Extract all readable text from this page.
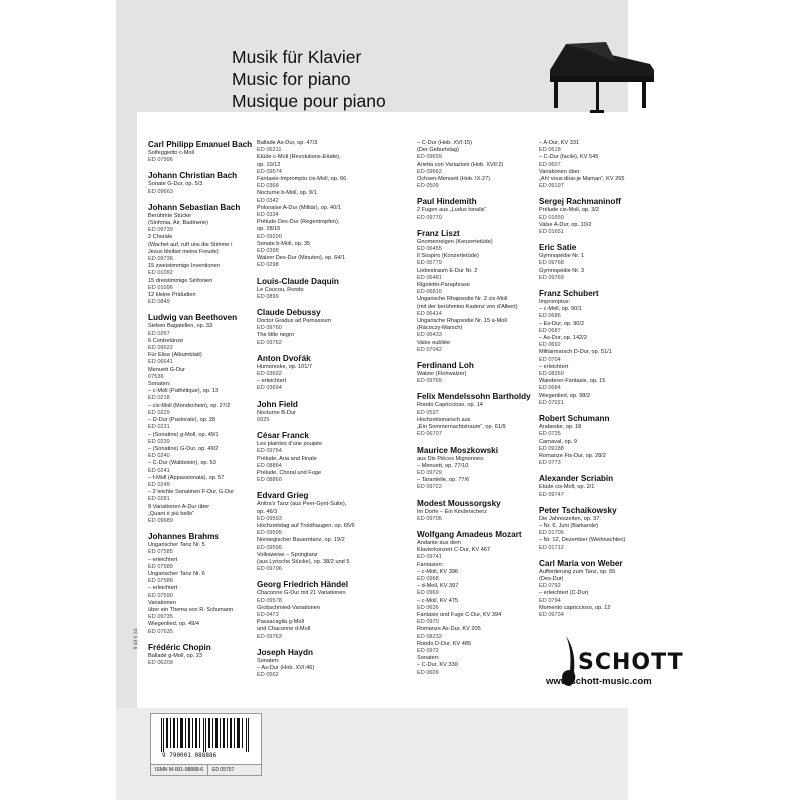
Musik für Klavier
Music for piano
Musique pour piano
9 48 6 34
Carl Philipp Emanuel Bach
Solfeggietto c-Moll
ED 07996
Johann Christian Bach
Sonate G-Dur, op. 5/3
ED 09663
Johann Sebastian Bach
Berühmte Stücke
(Sinfonia, Air, Badinerie)
ED 09739
2 Choräle
(Wachet auf, ruft uns die Stimme /
Jesus bleibet meine Freude)
ED 09736
15 zweistimmige Inventionen
ED 01092
15 dreistimmige Sinfonien
ED 01096
12 kleine Präludien
ED 0849
Ludwig van Beethoven
Sieben Bagatellen, op. 33
ED 0267
6 Contretänze
ED 09622
Für Elise (Albumblatt)
ED 06641
Menuett G-Dur
07536
Sonaten:
– c-Moll (Pathétique), op. 13
ED 0218
– cis-Moll (Mondschein), op. 27/2
ED 0229
– D-Dur (Pastorale), op. 28
ED 0231
– (Sonatine) g-Moll, op. 49/1
ED 0239
– (Sonatine) G-Dur, op. 49/2
ED 0240
– C-Dur (Waldstein), op. 53
ED 0241
– f-Moll (Appassionata), op. 57
ED 0245
– 2 leichte Sonatinen F-Dur, G-Dur
ED 0281
9 Variationen A-Dur über
„Quant è più bello“
ED 09689
Johannes Brahms
Ungarischer Tanz Nr. 5
ED 07585
– erleichtert
ED 07589
Ungarischer Tanz Nr. 6
ED 07586
– erleichtert
ED 07590
Variationen
über ein Thema von R. Schumann
ED 09735
Wiegenlied, op. 49/4
ED 07635
Frédéric Chopin
Ballade g-Moll, op. 23
ED 06209
Ballade As-Dur, op. 47/3
ED 06211
Etüde c-Moll (Revolutions-Etüde),
op. 10/12
ED 09574
Fantasie-Impromptu cis-Moll, op. 66
ED 0368
Nocturne b-Moll, op. 9/1
ED 0342
Polonaise A-Dur (Militär), op. 40/1
ED 0334
Prélude Des-Dur (Regentropfen),
op. 28/15
ED 09200
Sonate b-Moll, op. 35
ED 0398
Walzer Des-Dur (Minuten), op. 64/1
ED 0298
Louis-Claude Daquin
Le Coucou, Rondo
ED 0899
Claude Debussy
Doctor Gradus ad Parnassum
ED 09760
The little negro
ED 09762
Anton Dvořák
Humoreske, op. 101/7
ED 03692
– erleichtert
ED 03694
John Field
Nocturne B-Dur
0925
César Franck
Les plaintes d'une poupée
ED 09764
Prélude, Aria and Finale
ED 08864
Prélude, Choral und Fuge
ED 08860
Edvard Grieg
Anitra's Tanz (aus Peer-Gynt-Suite),
op. 46/3
ED 09593
Hochzeitstag auf Troldhaugen, op. 65/6
ED 09595
Norwegischer Bauerntanz, op. 19/2
ED 09596
Volksweise – Springtanz
(aus Lyrische Stücke), op. 38/2 und 5
ED 09706
Georg Friedrich Händel
Chaconne G-Dur mit 21 Variationen
ED 09578
Grobschmied-Variationen
ED 0473
Passacaglia g-Moll
und Chaconne d-Moll
ED 09763
Joseph Haydn
Sonaten:
– As-Dur (Hob. XVI:46)
ED 0502
– C-Dur (Hob. XVI:15)
(Der Geburtstag)
ED 09659
Arietta con Variazioni (Hob. XVII:2)
ED 09662
Ochsen-Menuett (Hob. IX:27)
ED 0509
Paul Hindemith
2 Fugen aus „Ludus tonalis“
ED 09770
Franz Liszt
Gnomenreigen (Konzertetüde)
ED 06455
Il Sospiro (Konzertetüde)
ED 06779
Liebestraum E-Dur Nr. 2
ED 06481
Rigoletto-Paraphrase
ED 06810
Ungarische Rhapsodie Nr. 2 cis-Moll
(mit der berühmten Kadenz von d'Albert)
ED 06414
Ungarische Rhapsodie Nr. 15 a-Moll
(Rácoczy-Marsch)
ED 06433
Valse oubliée
ED 07042
Ferdinand Loh
Walzer (Flohwalzer)
ED 09765
Felix Mendelssohn Bartholdy
Rondo Capriccioso, op. 14
ED 0537
Hochzeitsmarsch aus
„Ein Sommernachtstraum“, op. 61/9
ED 06707
Maurice Moszkowski
aus Dix Pièces Mignonnes:
– Menuett, op. 77/10
ED 09729
– Tarantelle, op. 77/6
ED 09722
Modest Moussorgsky
Im Dorfe – Ein Kinderscherz
ED 09705
Wolfgang Amadeus Mozart
Andante aus dem
Klavierkonzert C-Dur, KV 467
ED 09741
Fantasien:
– c-Moll, KV 396
ED 0968
– d-Moll, KV 397
ED 0969
– c-Moll, KV 475
ED 0636
Fantasie und Fuge C-Dur, KV 394
ED 0970
Romanze As-Dur, KV 205
ED 08232
Rondo D-Dur, KV 485
ED 0972
Sonaten:
– C-Dur, KV 330
ED 0609
– A-Dur, KV 331
ED 0618
– C-Dur (facile), KV 545
ED 0607
Variationen über
„Ah! vous dirai-je Maman“, KV 265
ED 09197
Sergej Rachmaninoff
Prélude cis-Moll, op. 3/2
ED 01650
Valse A-Dur, op. 10/2
ED 01651
Eric Satie
Gymnopédie Nr. 1
ED 09768
Gymnopédie Nr. 3
ED 09769
Franz Schubert
Impromptus:
– c-Moll, op. 90/1
ED 0686
– Es-Dur, op. 90/2
ED 0687
– As-Dur, op. 142/2
ED 0692
Militärmarsch D-Dur, op. 51/1
ED 0704
– erleichtert
ED 08260
Wanderer-Fantasie, op. 15
ED 0684
Wiegenlied, op. 98/2
ED 07021
Robert Schumann
Arabeske, op. 18
ED 0725
Carnaval, op. 9
ED 09188
Romanze Fis-Dur, op. 28/2
ED 0773
Alexander Scriabin
Etüde cis-Moll, op. 2/1
ED 09747
Peter Tschaikowsky
Die Jahreszeiten, op. 37:
– Nr. 6, Juni (Barkarole)
ED 01706
– Nr. 12, Dezember (Weihnachten)
ED 01712
Carl Maria von Weber
Aufforderung zum Tanz, op. 65
(Des-Dur)
ED 0792
– erleichtert (C-Dur)
ED 0794
Momento capriccioso, op. 12
ED 09734
SCHOTT
www.schott-music.com
9 790001 088886
ISMN M-001-08888-6	ED 05757
